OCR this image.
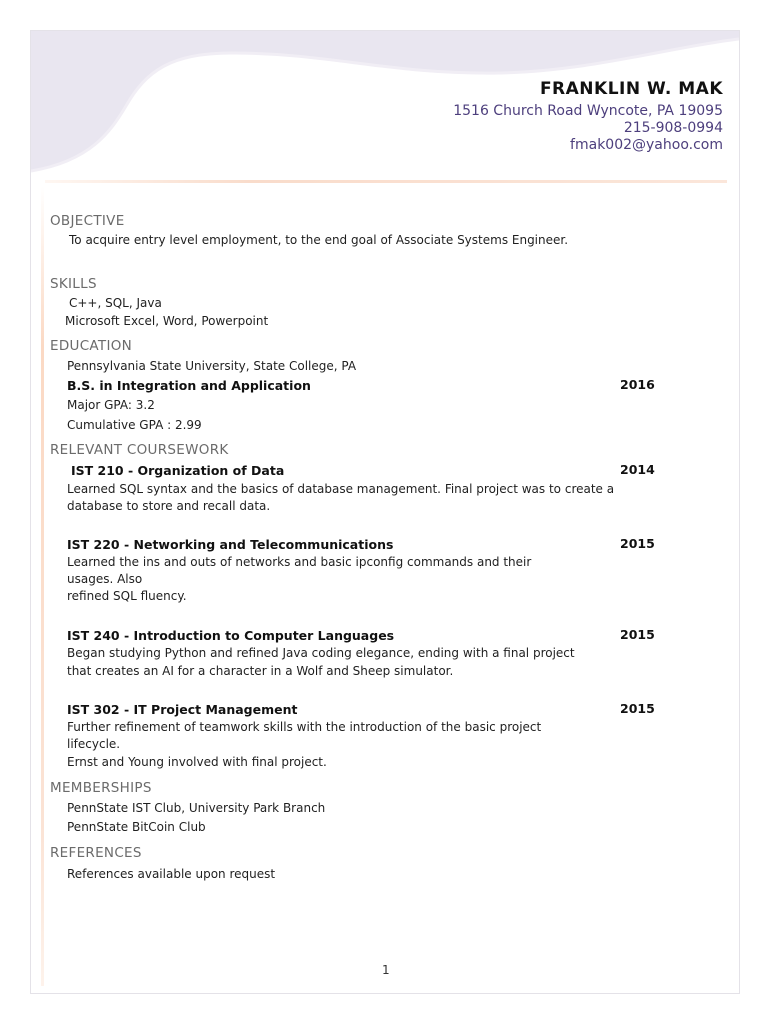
FRANKLIN W. MAK
1516 Church Road Wyncote, PA 19095
215-908-0994
fmak002@yahoo.com
OBJECTIVE
To acquire entry level employment, to the end goal of Associate Systems Engineer.
SKILLS
C++, SQL, Java
Microsoft Excel, Word, Powerpoint
EDUCATION
Pennsylvania State University, State College, PA
B.S. in Integration and Application	2016
Major GPA: 3.2
Cumulative GPA : 2.99
RELEVANT COURSEWORK
IST 210 - Organization of Data	2014
Learned SQL syntax and the basics of database management. Final project was to create a
database to store and recall data.
IST 220 - Networking and Telecommunications	2015
Learned the ins and outs of networks and basic ipconfig commands and their
usages. Also
refined SQL fluency.
IST 240 - Introduction to Computer Languages	2015
Began studying Python and refined Java coding elegance, ending with a final project
that creates an AI for a character in a Wolf and Sheep simulator.
IST 302 - IT Project Management	2015
Further refinement of teamwork skills with the introduction of the basic project
lifecycle.
Ernst and Young involved with final project.
MEMBERSHIPS
PennState IST Club, University Park Branch
PennState BitCoin Club
REFERENCES
References available upon request
1
